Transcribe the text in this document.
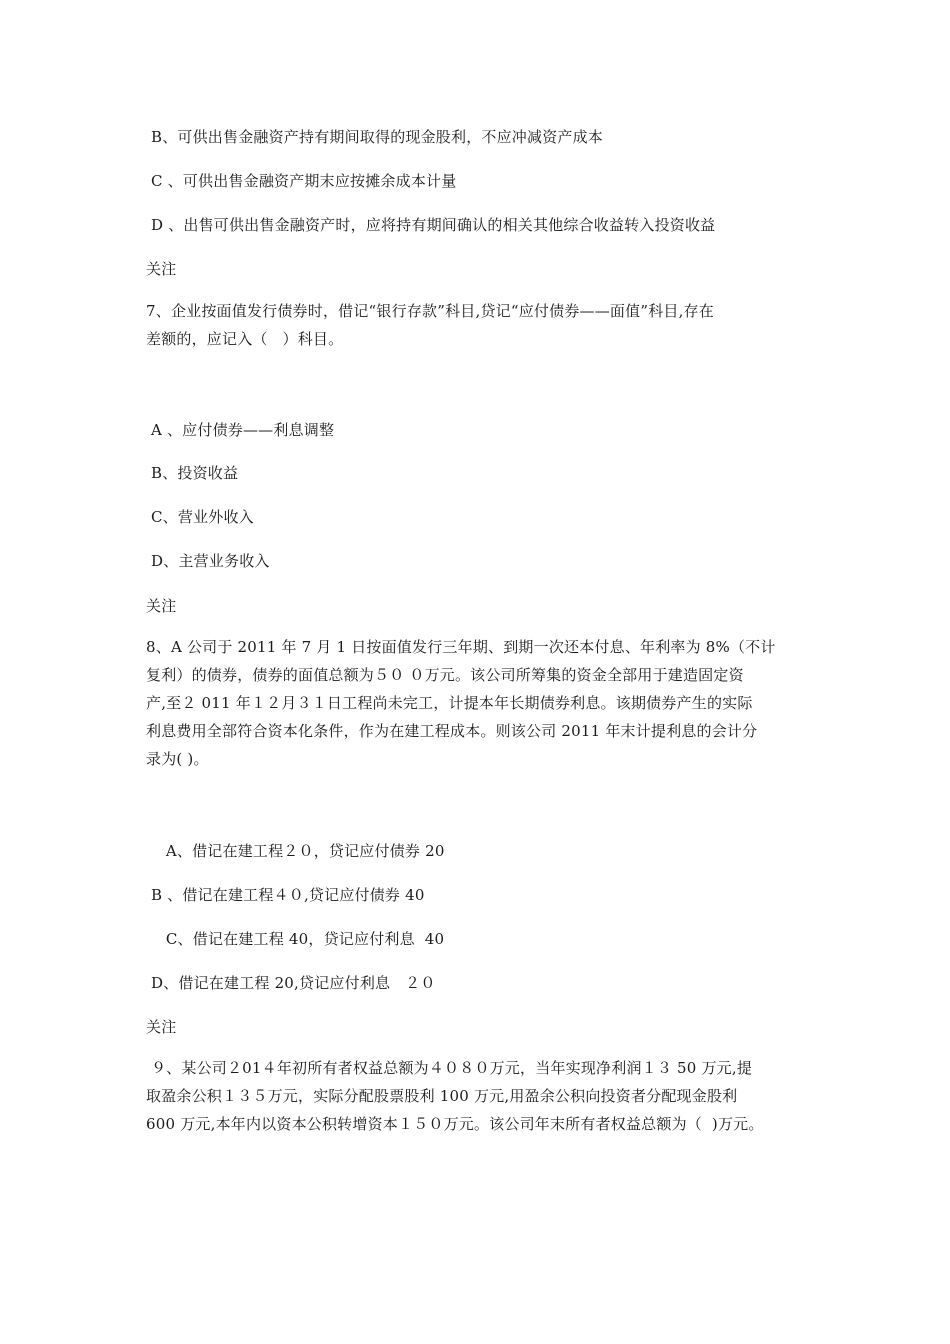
B、可供出售金融资产持有期间取得的现金股利，不应冲减资产成本
C 、可供出售金融资产期末应按摊余成本计量
D 、出售可供出售金融资产时，应将持有期间确认的相关其他综合收益转入投资收益
关注
7、企业按面值发行债券时，借记“银行存款”科目,贷记“应付债券——面值”科目,存在
差额的，应记入（   ）科目。
A 、应付债券——利息调整
B、投资收益
C、营业外收入
D、主营业务收入
关注
8、A 公司于 2011 年 7 月 1 日按面值发行三年期、到期一次还本付息、年利率为 8%（不计
复利）的债券，债券的面值总额为５０ ０万元。该公司所筹集的资金全部用于建造固定资
产,至２ 011 年１２月３１日工程尚未完工，计提本年长期债券利息。该期债券产生的实际
利息费用全部符合资本化条件，作为在建工程成本。则该公司 2011 年末计提利息的会计分
录为( )。
A、借记在建工程２０，贷记应付债券 20
B 、借记在建工程４０,贷记应付债券 40
C、借记在建工程 40，贷记应付利息  40
D、借记在建工程 20,贷记应付利息   ２０
关注
９、某公司２01４年初所有者权益总额为４０８０万元，当年实现净利润１３ 50 万元,提
取盈余公积１３５万元，实际分配股票股利 100 万元,用盈余公积向投资者分配现金股利
600 万元,本年内以资本公积转增资本１５０万元。该公司年末所有者权益总额为（  )万元。
